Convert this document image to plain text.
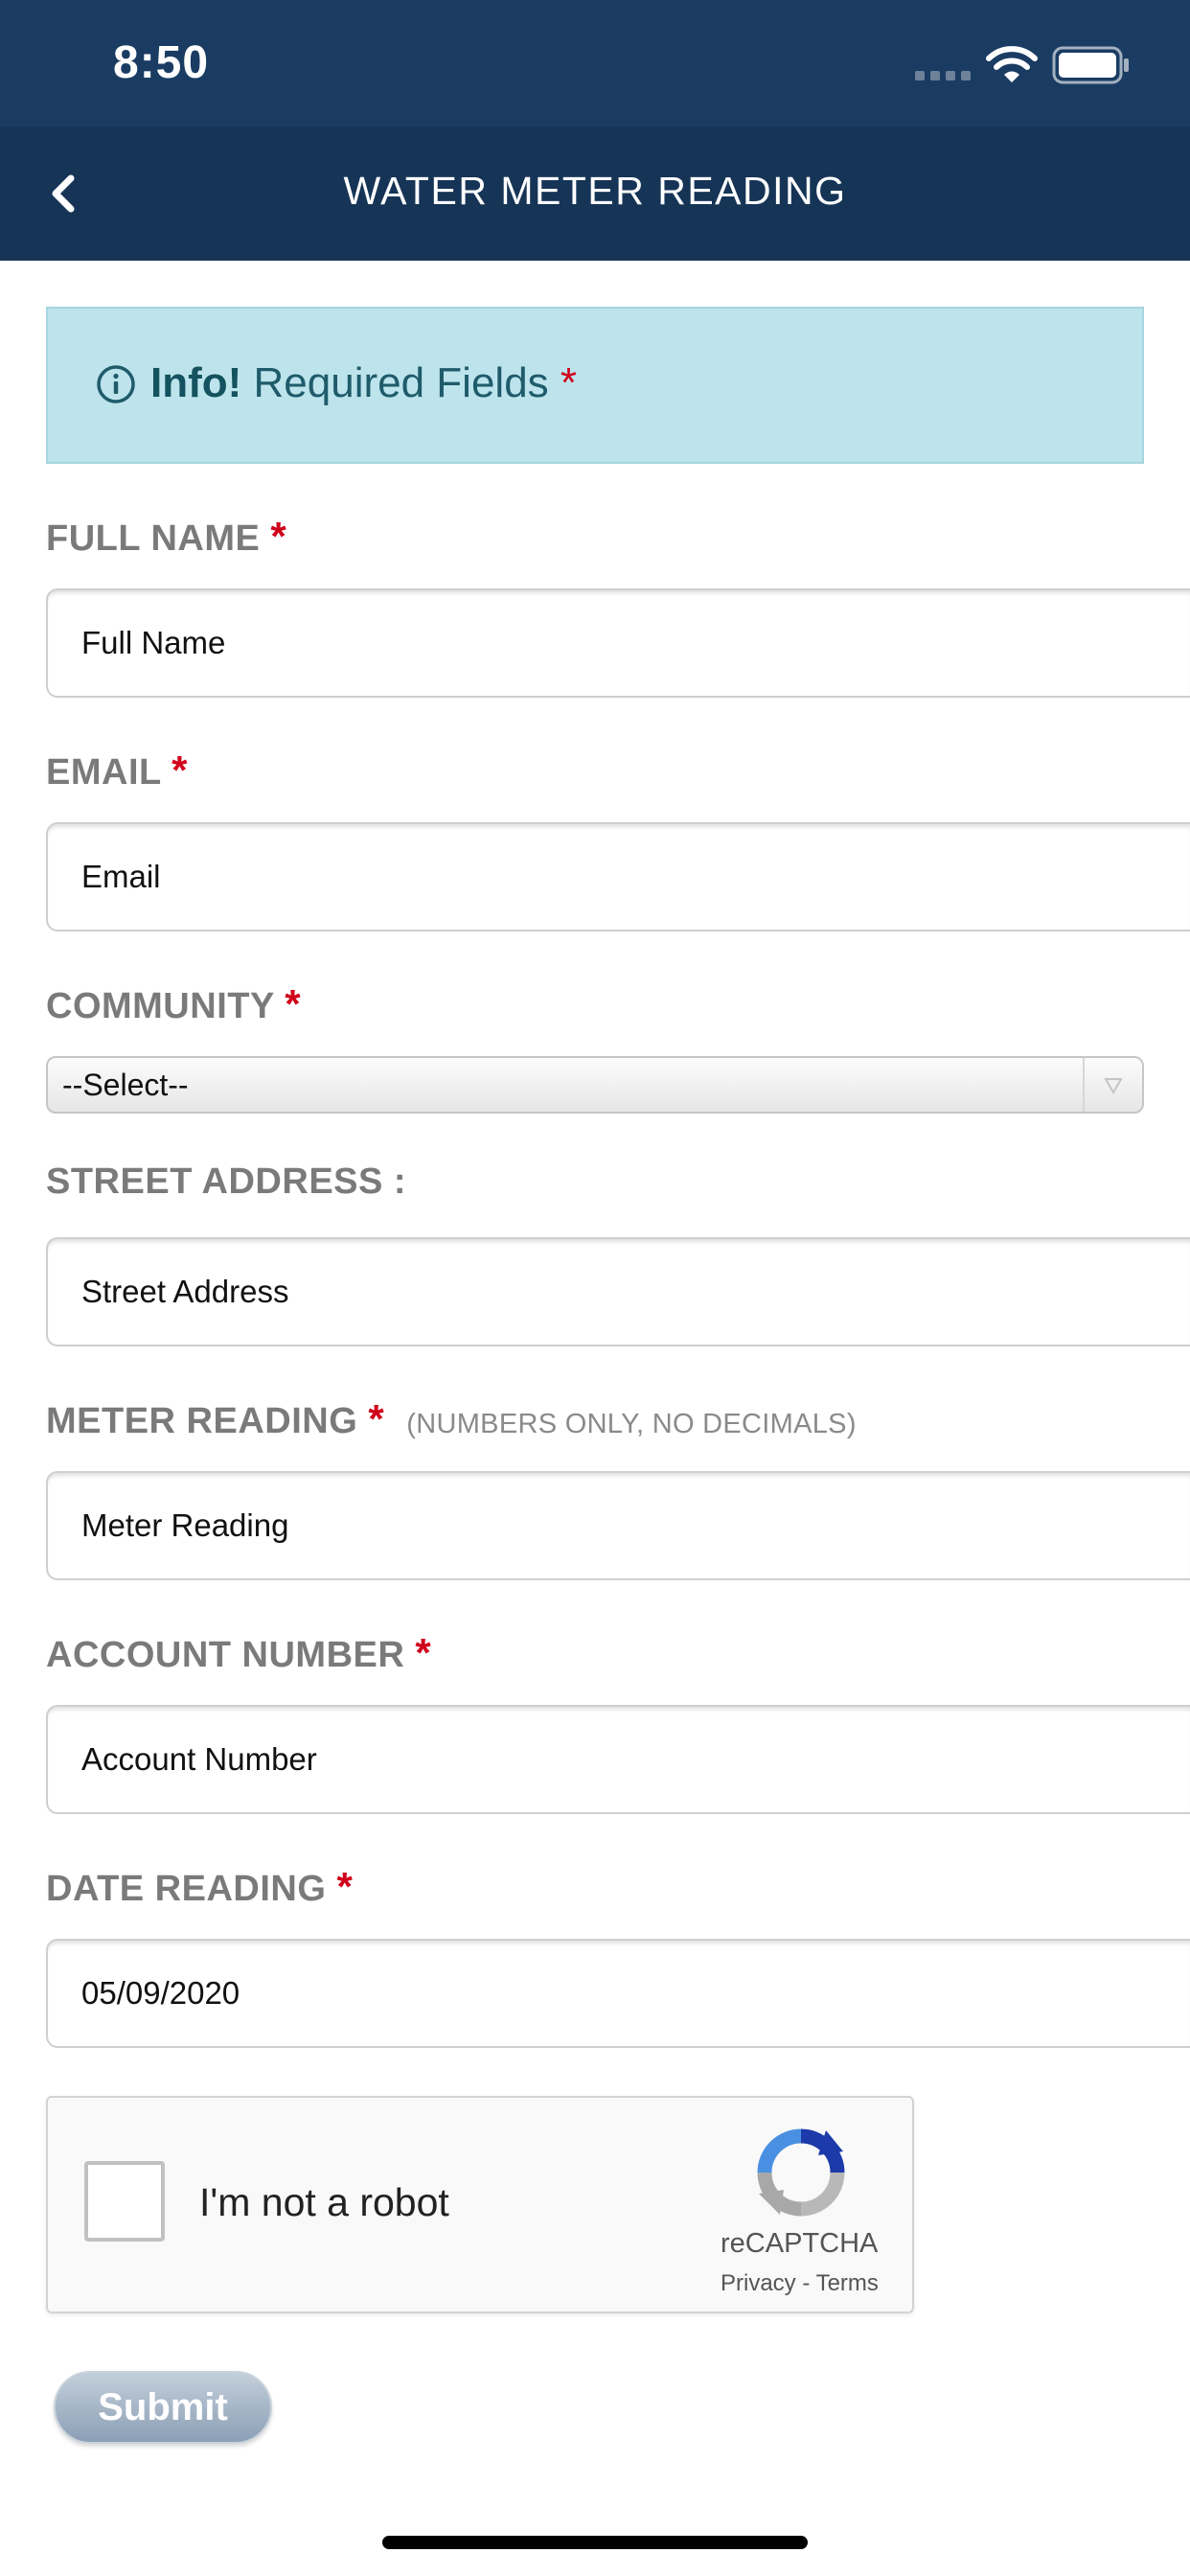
8:50
WATER METER READING
Info! Required Fields *
FULL NAME *
Full Name
EMAIL *
Email
COMMUNITY *
--Select--
STREET ADDRESS :
Street Address
METER READING * (NUMBERS ONLY, NO DECIMALS)
Meter Reading
ACCOUNT NUMBER *
Account Number
DATE READING *
05/09/2020
I'm not a robot
reCAPTCHA
Privacy - Terms
Submit
